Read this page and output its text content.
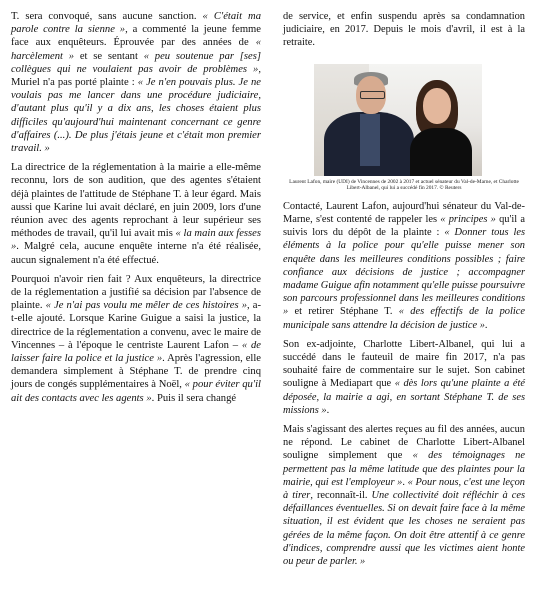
T. sera convoqué, sans aucune sanction. « C'était ma parole contre la sienne », a commenté la jeune femme face aux enquêteurs. Éprouvée par des années de « harcèlement » et se sentant « peu soutenue par [ses] collègues qui ne voulaient pas avoir de problèmes », Muriel n'a pas porté plainte : « Je n'en pouvais plus. Je ne voulais pas me lancer dans une procédure judiciaire, d'autant plus qu'il y a dix ans, les choses étaient plus difficiles qu'aujourd'hui maintenant concernant ce genre d'affaires (...). De plus j'étais jeune et c'était mon premier travail. »

La directrice de la réglementation à la mairie a elle-même reconnu, lors de son audition, que des agentes s'étaient déjà plaintes de l'attitude de Stéphane T. à leur égard. Mais aussi que Karine lui avait déclaré, en juin 2009, lors d'une réunion avec des agents reprochant à leur supérieur ses méthodes de travail, qu'il lui avait mis « la main aux fesses ». Malgré cela, aucune enquête interne n'a été réalisée, aucun signalement n'a été effectué.

Pourquoi n'avoir rien fait ? Aux enquêteurs, la directrice de la réglementation a justifié sa décision par l'absence de plainte. « Je n'ai pas voulu me mêler de ces histoires », a-t-elle ajouté. Lorsque Karine Guigue a saisi la justice, la directrice de la réglementation a convenu, avec le maire de Vincennes – à l'époque le centriste Laurent Lafon – « de laisser faire la police et la justice ». Après l'agression, elle demandera simplement à Stéphane T. de prendre cinq jours de congés supplémentaires à Noël, « pour éviter qu'il ait des contacts avec les agents ». Puis il sera changé

de service, et enfin suspendu après sa condamnation judiciaire, en 2017. Depuis le mois d'avril, il est à la retraite.

Laurent Lafon, maire (UDI) de Vincennes de 2002 à 2017 et actuel sénateur du Val-de-Marne, et Charlotte Libert-Albanel, qui lui a succédé fin 2017. © Reuters

Contacté, Laurent Lafon, aujourd'hui sénateur du Val-de-Marne, s'est contenté de rappeler les « principes » qu'il a suivis lors du dépôt de la plainte : « Donner tous les éléments à la police pour qu'elle puisse mener son enquête dans les meilleures conditions possibles ; faire confiance aux décisions de justice ; accompagner madame Guigue afin notamment qu'elle puisse poursuivre son parcours professionnel dans les meilleures conditions » et retirer Stéphane T. « des effectifs de la police municipale sans attendre la décision de justice ».

Son ex-adjointe, Charlotte Libert-Albanel, qui lui a succédé dans le fauteuil de maire fin 2017, n'a pas souhaité faire de commentaire sur le sujet. Son cabinet souligne à Mediapart que « dès lors qu'une plainte a été déposée, la mairie a agi, en sortant Stéphane T. de ses missions ».

Mais s'agissant des alertes reçues au fil des années, aucun ne répond. Le cabinet de Charlotte Libert-Albanel souligne simplement que « des témoignages ne permettent pas la même latitude que des plaintes pour la mairie, qui est l'employeur ». « Pour nous, c'est une leçon à tirer, reconnaît-il. Une collectivité doit réfléchir à ces défaillances éventuelles. Si on devait faire face à la même situation, il est évident que les choses ne seraient pas gérées de la même façon. On doit être attentif à ce genre d'indices, comprendre aussi que les victimes aient honte ou peur de parler. »
